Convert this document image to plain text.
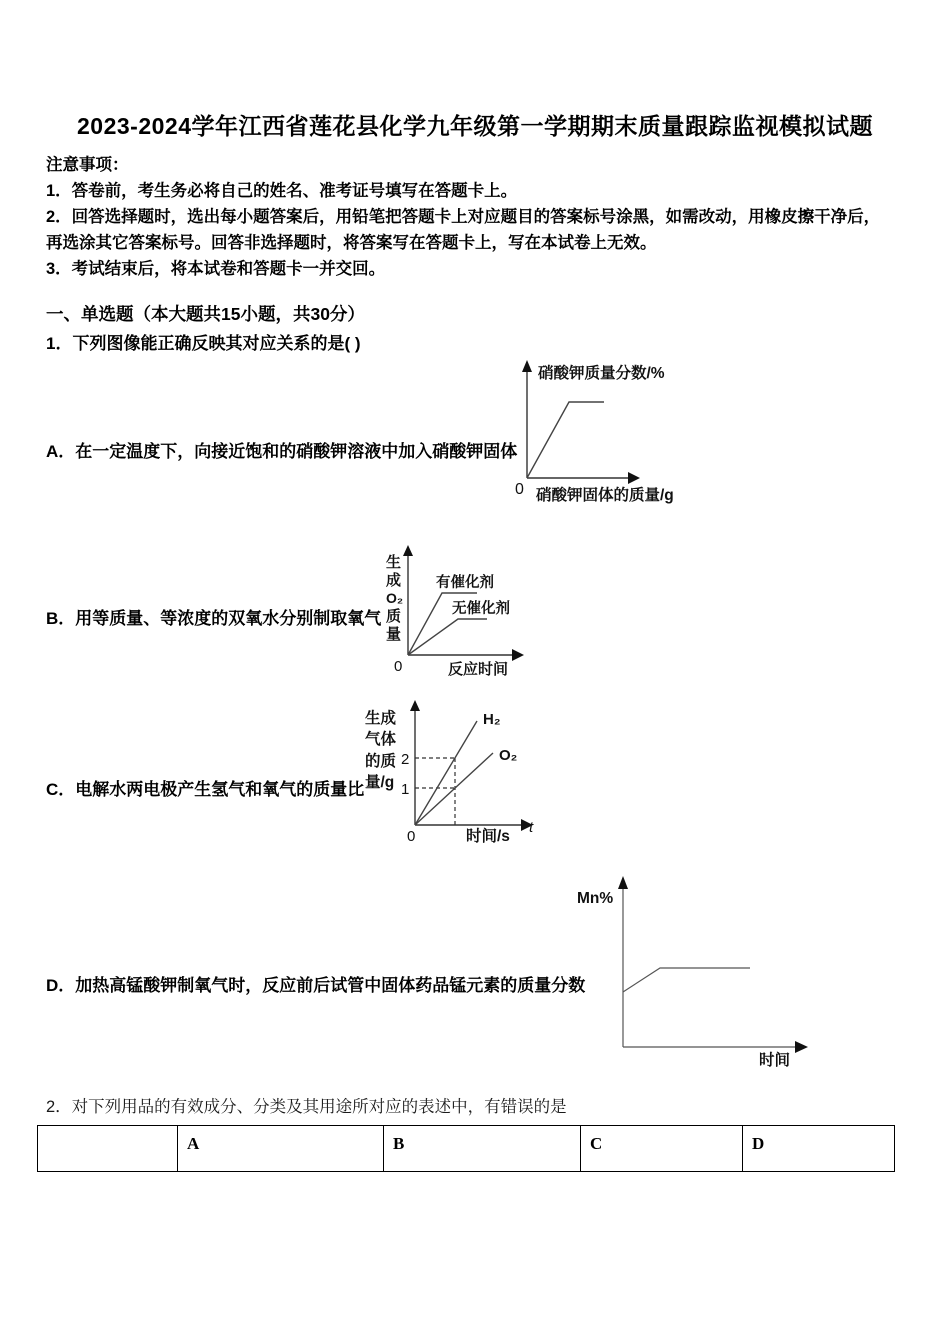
2023-2024学年江西省莲花县化学九年级第一学期期末质量跟踪监视模拟试题
注意事项：
1．答卷前，考生务必将自己的姓名、准考证号填写在答题卡上。
2．回答选择题时，选出每小题答案后，用铅笔把答题卡上对应题目的答案标号涂黑，如需改动，用橡皮擦干净后，
再选涂其它答案标号。回答非选择题时，将答案写在答题卡上，写在本试卷上无效。
3．考试结束后，将本试卷和答题卡一并交回。
一、单选题（本大题共15小题，共30分）
1．下列图像能正确反映其对应关系的是( )
硝酸钾质量分数/%
0 硝酸钾固体的质量/g
A．在一定温度下，向接近饱和的硝酸钾溶液中加入硝酸钾固体
生
成
O₂
质
量
有催化剂
无催化剂
0	反应时间
B．用等质量、等浓度的双氧水分别制取氧气
生成
气体
的质
量/g
2
1
H₂
O₂
0	时间/s
t
C．电解水两电极产生氢气和氧气的质量比
Mn%
时间
D．加热高锰酸钾制氧气时，反应前后试管中固体药品锰元素的质量分数
2．对下列用品的有效成分、分类及其用途所对应的表述中，有错误的是
	A	B	C	D
